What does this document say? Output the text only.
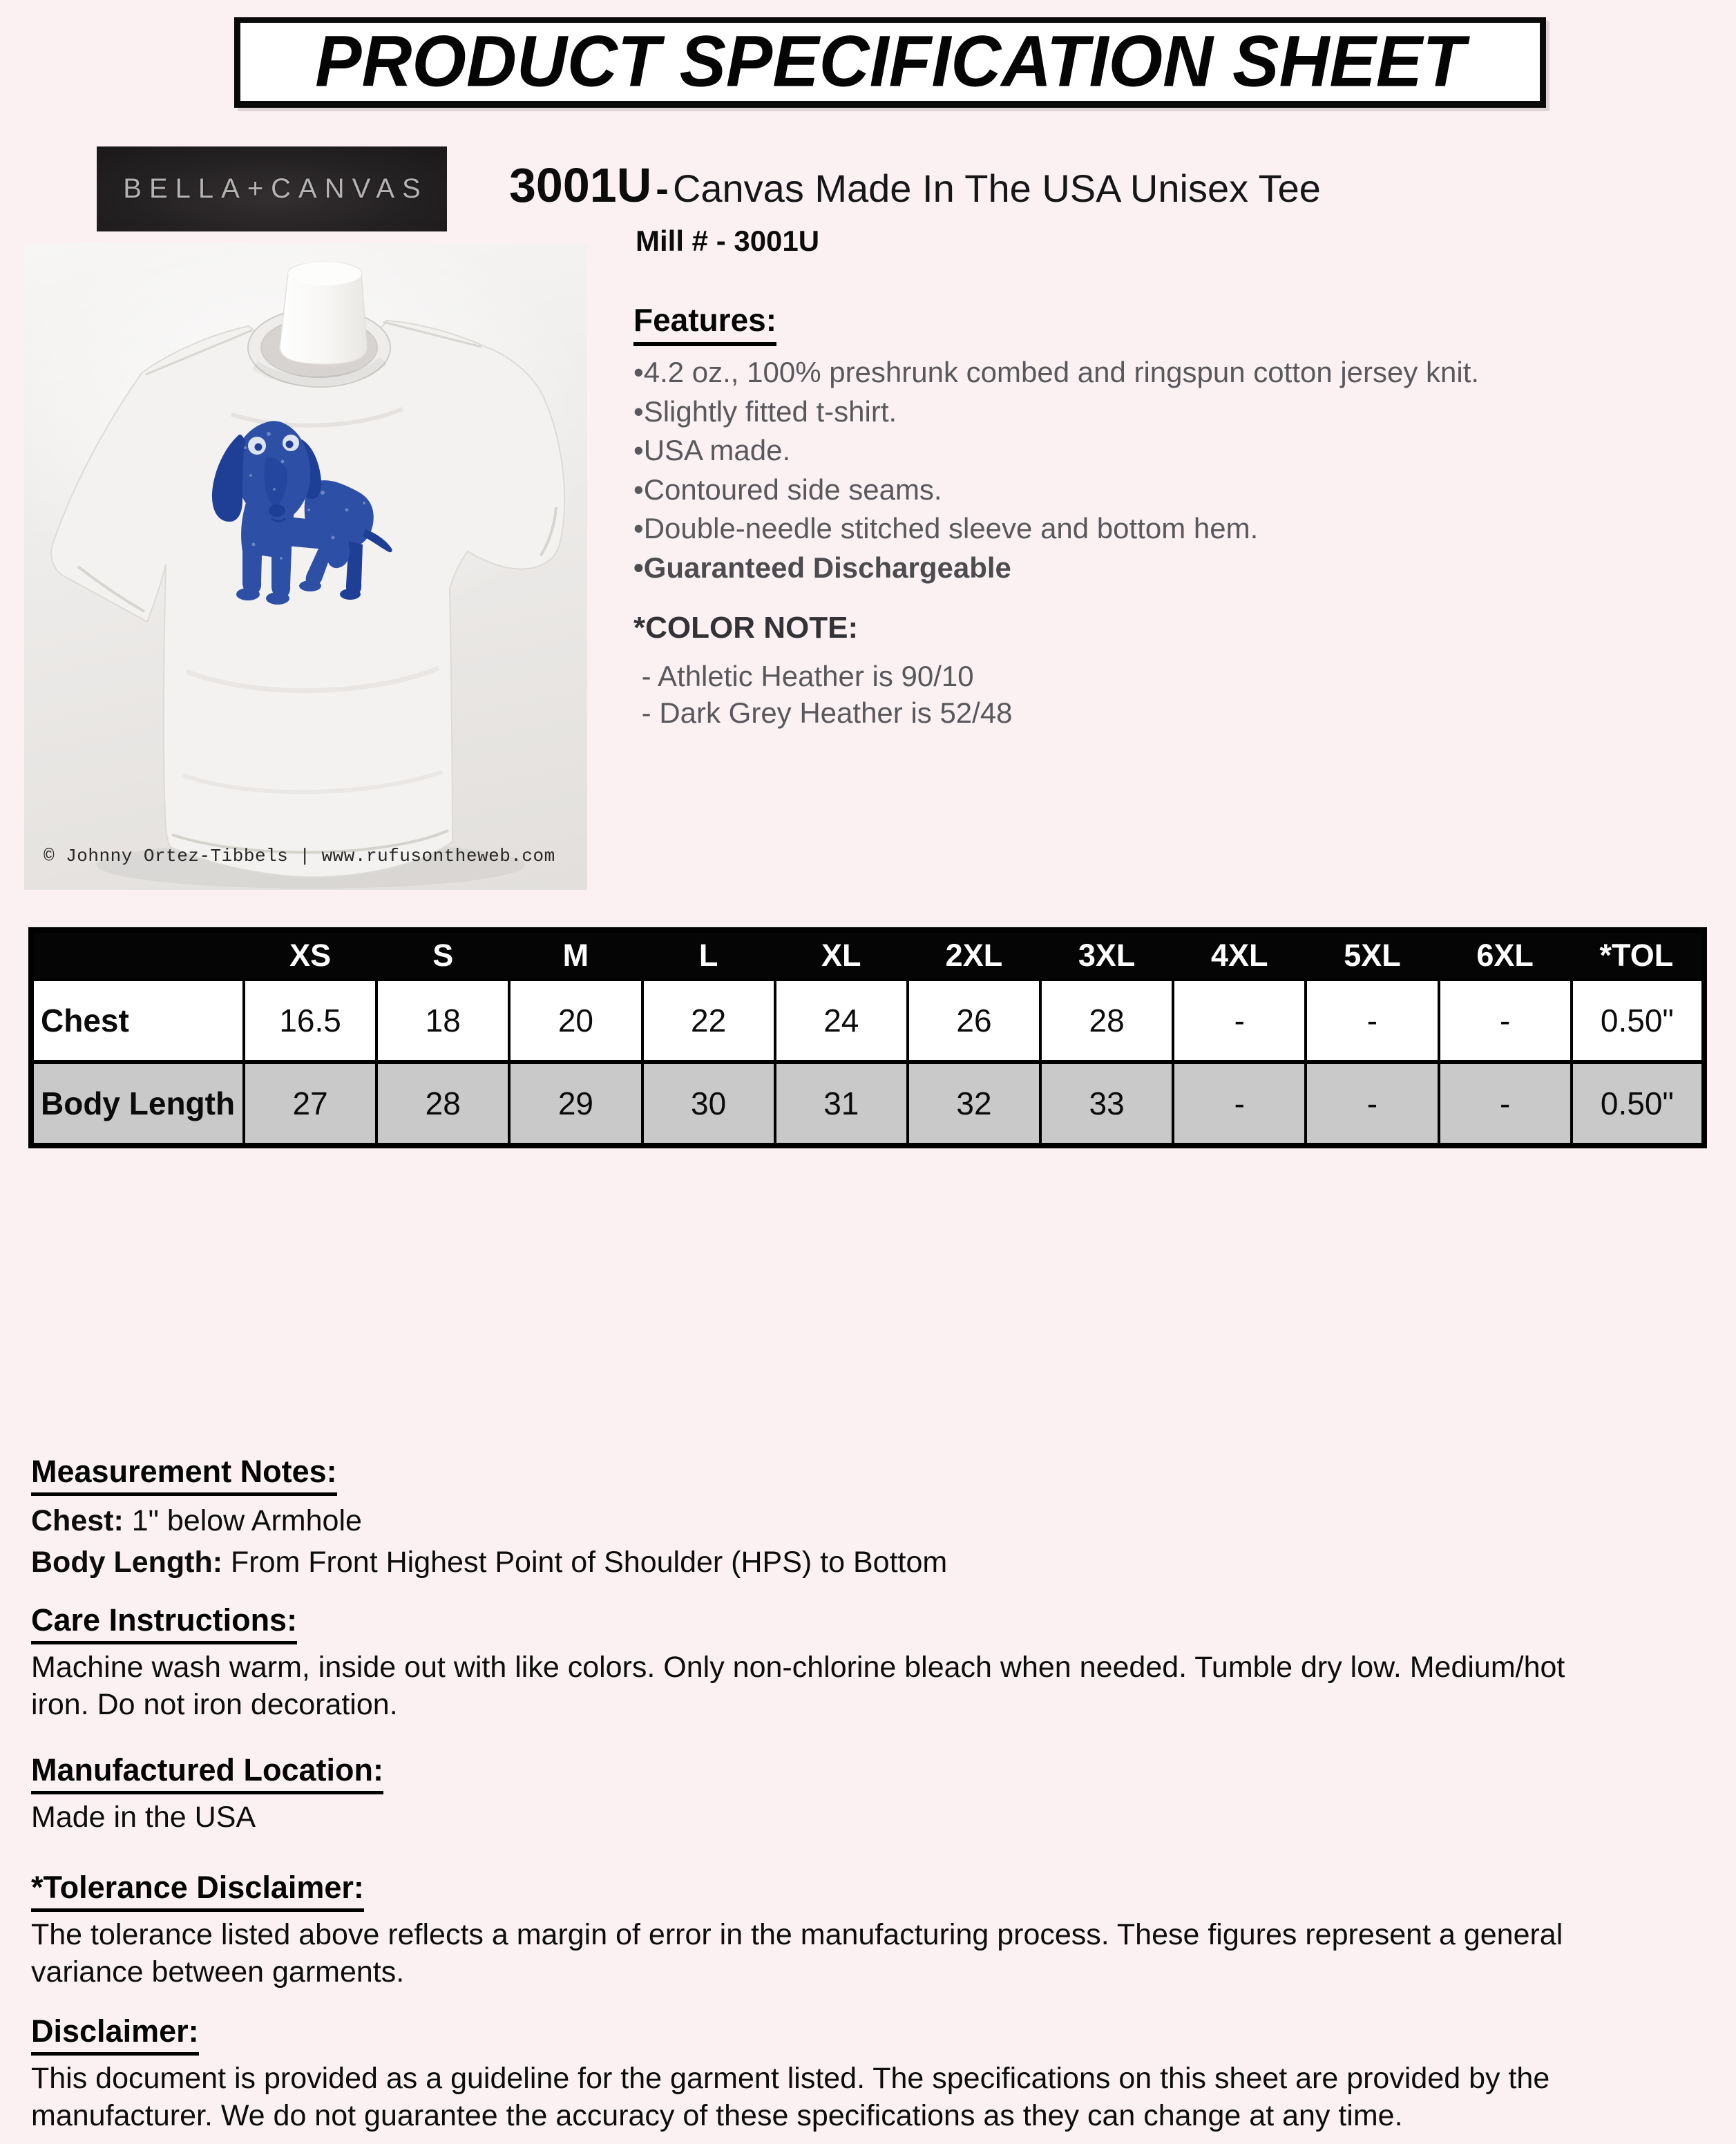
PRODUCT SPECIFICATION SHEET
BELLA+CANVAS 3001U - Canvas Made In The USA Unisex Tee
Mill # - 3001U
© Johnny Ortez-Tibbels | www.rufusontheweb.com
Features:
•4.2 oz., 100% preshrunk combed and ringspun cotton jersey knit.
•Slightly fitted t-shirt.
•USA made.
•Contoured side seams.
•Double-needle stitched sleeve and bottom hem.
•Guaranteed Dischargeable
*COLOR NOTE:
- Athletic Heather is 90/10
- Dark Grey Heather is 52/48
	XS	S	M	L	XL	2XL	3XL	4XL	5XL	6XL	*TOL
Chest	16.5	18	20	22	24	26	28	-	-	-	0.50"
Body Length	27	28	29	30	31	32	33	-	-	-	0.50"
Measurement Notes:
Chest: 1" below Armhole
Body Length: From Front Highest Point of Shoulder (HPS) to Bottom
Care Instructions:
Machine wash warm, inside out with like colors. Only non-chlorine bleach when needed. Tumble dry low. Medium/hot
iron. Do not iron decoration.
Manufactured Location:
Made in the USA
*Tolerance Disclaimer:
The tolerance listed above reflects a margin of error in the manufacturing process. These figures represent a general
variance between garments.
Disclaimer:
This document is provided as a guideline for the garment listed. The specifications on this sheet are provided by the
manufacturer. We do not guarantee the accuracy of these specifications as they can change at any time.
